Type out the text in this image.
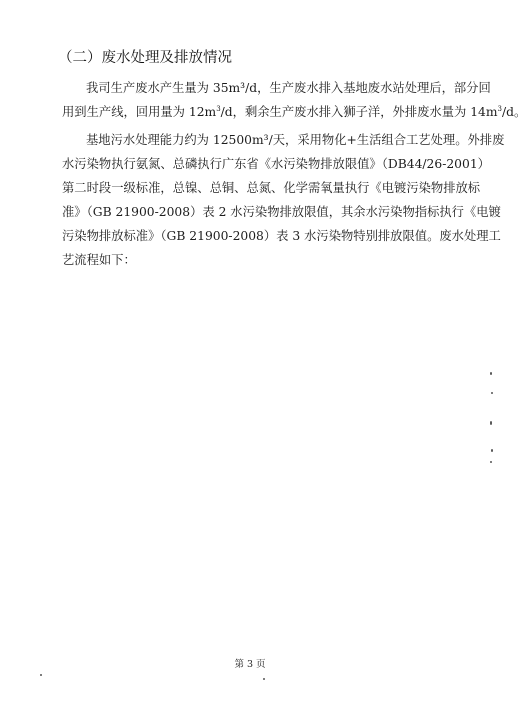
（二）废水处理及排放情况
我司生产废水产生量为 35m³/d，生产废水排入基地废水站处理后，部分回
用到生产线，回用量为 $12m^3/d$，剩余生产废水排入狮子洋，外排废水量为 $14m^3/d$。
基地污水处理能力约为 12500m³/天，采用物化+生活组合工艺处理。外排废
水污染物执行氨氮、总磷执行广东省《水污染物排放限值》（DB44/26-2001）
第二时段一级标准，总镍、总铜、总氮、化学需氧量执行《电镀污染物排放标
准》（GB 21900-2008）表 2 水污染物排放限值，其余水污染物指标执行《电镀
污染物排放标准》（GB 21900-2008）表 3 水污染物特别排放限值。废水处理工
艺流程如下：
第 3 页
